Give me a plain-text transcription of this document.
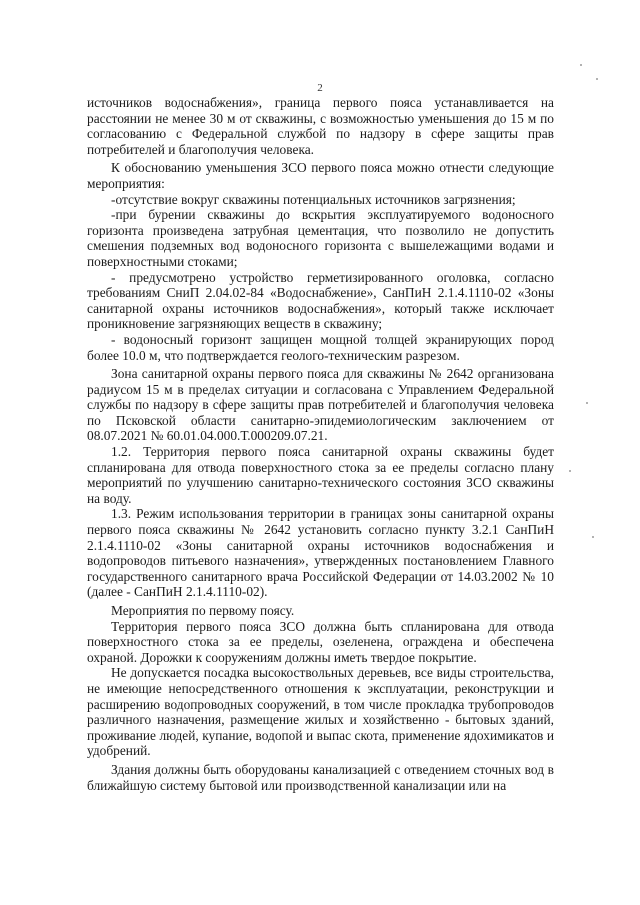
2

источников водоснабжения», граница первого пояса устанавливается на расстоянии не менее 30 м от скважины, с возможностью уменьшения до 15 м по согласованию с Федеральной службой по надзору в сфере защиты прав потребителей и благополучия человека.

К обоснованию уменьшения ЗСО первого пояса можно отнести следующие мероприятия:

-отсутствие вокруг скважины потенциальных источников загрязнения;

-при бурении скважины до вскрытия эксплуатируемого водоносного горизонта произведена затрубная цементация, что позволило не допустить смешения подземных вод водоносного горизонта с вышележащими водами и поверхностными стоками;

- предусмотрено устройство герметизированного оголовка, согласно требованиям СниП 2.04.02-84 «Водоснабжение», СанПиН 2.1.4.1110-02 «Зоны санитарной охраны источников водоснабжения», который также исключает проникновение загрязняющих веществ в скважину;

- водоносный горизонт защищен мощной толщей экранирующих пород более 10.0 м, что подтверждается геолого-техническим разрезом.

Зона санитарной охраны первого пояса для скважины № 2642 организована радиусом 15 м в пределах ситуации и согласована с Управлением Федеральной службы по надзору в сфере защиты прав потребителей и благополучия человека по Псковской области санитарно-эпидемиологическим заключением от 08.07.2021 № 60.01.04.000.Т.000209.07.21.

1.2. Территория первого пояса санитарной охраны скважины будет спланирована для отвода поверхностного стока за ее пределы согласно плану мероприятий по улучшению санитарно-технического состояния ЗСО скважины на воду.

1.3. Режим использования территории в границах зоны санитарной охраны первого пояса скважины № 2642 установить согласно пункту 3.2.1 СанПиН 2.1.4.1110-02 «Зоны санитарной охраны источников водоснабжения и водопроводов питьевого назначения», утвержденных постановлением Главного государственного санитарного врача Российской Федерации от 14.03.2002 № 10 (далее - СанПиН 2.1.4.1110-02).

Мероприятия по первому поясу.

Территория первого пояса ЗСО должна быть спланирована для отвода поверхностного стока за ее пределы, озеленена, ограждена и обеспечена охраной. Дорожки к сооружениям должны иметь твердое покрытие.

Не допускается посадка высокоствольных деревьев, все виды строительства, не имеющие непосредственного отношения к эксплуатации, реконструкции и расширению водопроводных сооружений, в том числе прокладка трубопроводов различного назначения, размещение жилых и хозяйственно - бытовых зданий, проживание людей, купание, водопой и выпас скота, применение ядохимикатов и удобрений.

Здания должны быть оборудованы канализацией с отведением сточных вод в ближайшую систему бытовой или производственной канализации или на
